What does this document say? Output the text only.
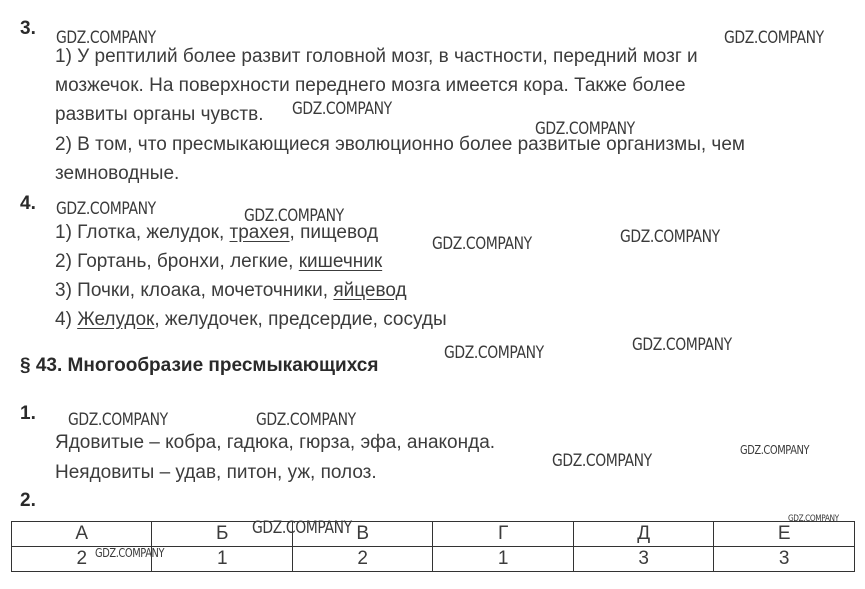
3.
1) У рептилий более развит головной мозг, в частности, передний мозг и
мозжечок. На поверхности переднего мозга имеется кора. Также более
развиты органы чувств.
2) В том, что пресмыкающиеся эволюционно более развитые организмы, чем
земноводные.
4.
1) Глотка, желудок, трахея, пищевод
2) Гортань, бронхи, легкие, кишечник
3) Почки, клоака, мочеточники, яйцевод
4) Желудок, желудочек, предсердие, сосуды
§ 43. Многообразие пресмыкающихся
1.
Ядовитые – кобра, гадюка, гюрза, эфа, анаконда.
Неядовиты – удав, питон, уж, полоз.
2.
А	Б	В	Г	Д	Е
2	1	2	1	3	3
GDZ.COMPANY	GDZ.COMPANY
GDZ.COMPANY
GDZ.COMPANY
GDZ.COMPANY	GDZ.COMPANY
GDZ.COMPANY	GDZ.COMPANY
GDZ.COMPANY	GDZ.COMPANY
GDZ.COMPANY	GDZ.COMPANY
GDZ.COMPANY
GDZ.COMPANY
GDZ.COMPANY
GDZ.COMPANY
GDZ.COMPANY
